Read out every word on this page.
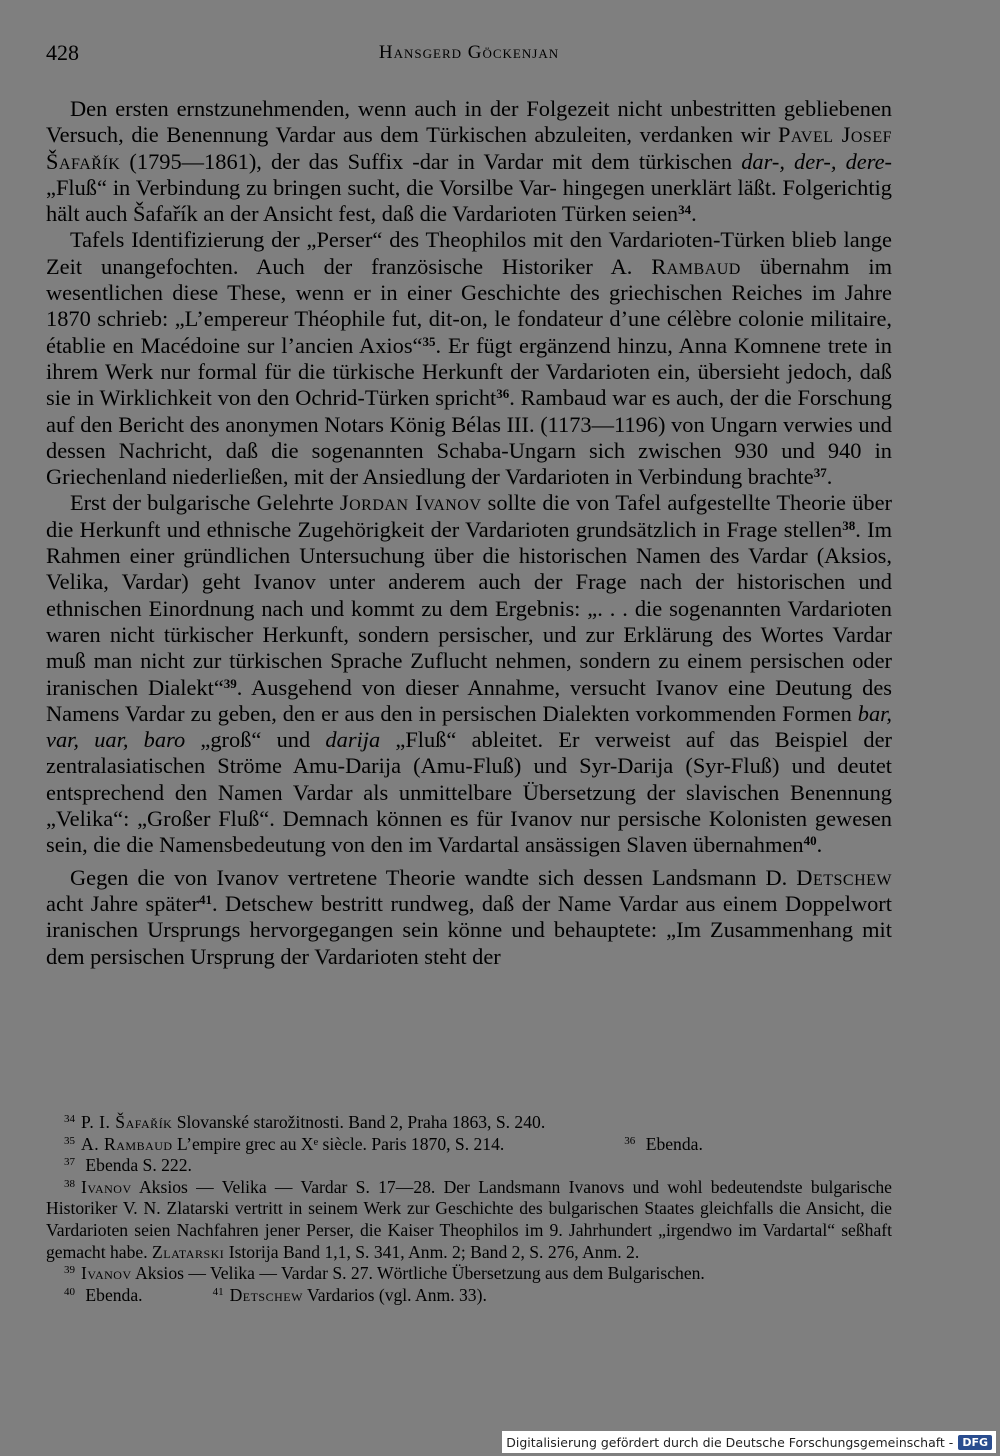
428	Hansgerd Göckenjan

Den ersten ernstzunehmenden, wenn auch in der Folgezeit nicht unbestritten gebliebenen Versuch, die Benennung Vardar aus dem Türkischen abzuleiten, verdanken wir Pavel Josef Šafařík (1795—1861), der das Suffix -dar in Vardar mit dem türkischen dar-, der-, dere- „Fluß“ in Verbindung zu bringen sucht, die Vorsilbe Var- hingegen unerklärt läßt. Folgerichtig hält auch Šafařík an der Ansicht fest, daß die Vardarioten Türken seien$^{34}$.

Tafels Identifizierung der „Perser“ des Theophilos mit den Vardarioten-Türken blieb lange Zeit unangefochten. Auch der französische Historiker A. Rambaud übernahm im wesentlichen diese These, wenn er in einer Geschichte des griechischen Reiches im Jahre 1870 schrieb: „L’empereur Théophile fut, dit-on, le fondateur d’une célèbre colonie militaire, établie en Macédoine sur l’ancien Axios“$^{35}$. Er fügt ergänzend hinzu, Anna Komnene trete in ihrem Werk nur formal für die türkische Herkunft der Vardarioten ein, übersieht jedoch, daß sie in Wirklichkeit von den Ochrid-Türken spricht$^{36}$. Rambaud war es auch, der die Forschung auf den Bericht des anonymen Notars König Bélas III. (1173—1196) von Ungarn verwies und dessen Nachricht, daß die sogenannten Schaba-Ungarn sich zwischen 930 und 940 in Griechenland niederließen, mit der Ansiedlung der Vardarioten in Verbindung brachte$^{37}$.

Erst der bulgarische Gelehrte Jordan Ivanov sollte die von Tafel aufgestellte Theorie über die Herkunft und ethnische Zugehörigkeit der Vardarioten grundsätzlich in Frage stellen$^{38}$. Im Rahmen einer gründlichen Untersuchung über die historischen Namen des Vardar (Aksios, Velika, Vardar) geht Ivanov unter anderem auch der Frage nach der historischen und ethnischen Einordnung nach und kommt zu dem Ergebnis: „. . . die sogenannten Vardarioten waren nicht türkischer Herkunft, sondern persischer, und zur Erklärung des Wortes Vardar muß man nicht zur türkischen Sprache Zuflucht nehmen, sondern zu einem persischen oder iranischen Dialekt“$^{39}$. Ausgehend von dieser Annahme, versucht Ivanov eine Deutung des Namens Vardar zu geben, den er aus den in persischen Dialekten vorkommenden Formen bar, var, uar, baro „groß“ und darija „Fluß“ ableitet. Er verweist auf das Beispiel der zentralasiatischen Ströme Amu-Darija (Amu-Fluß) und Syr-Darija (Syr-Fluß) und deutet entsprechend den Namen Vardar als unmittelbare Übersetzung der slavischen Benennung „Velika“: „Großer Fluß“. Demnach können es für Ivanov nur persische Kolonisten gewesen sein, die die Namensbedeutung von den im Vardartal ansässigen Slaven übernahmen$^{40}$.

Gegen die von Ivanov vertretene Theorie wandte sich dessen Landsmann D. Detschew acht Jahre später$^{41}$. Detschew bestritt rundweg, daß der Name Vardar aus einem Doppelwort iranischen Ursprungs hervorgegangen sein könne und behauptete: „Im Zusammenhang mit dem persischen Ursprung der Vardarioten steht der

$^{34}$ P. I. Šafařík Slovanské starožitnosti. Band 2, Praha 1863, S. 240.
$^{35}$ A. Rambaud L’empire grec au Xᵉ siècle. Paris 1870, S. 214.	$^{36}$ Ebenda.
$^{37}$ Ebenda S. 222.
$^{38}$ Ivanov Aksios — Velika — Vardar S. 17—28. Der Landsmann Ivanovs und wohl bedeutendste bulgarische Historiker V. N. Zlatarski vertritt in seinem Werk zur Geschichte des bulgarischen Staates gleichfalls die Ansicht, die Vardarioten seien Nachfahren jener Perser, die Kaiser Theophilos im 9. Jahrhundert „irgendwo im Vardartal“ seßhaft gemacht habe. Zlatarski Istorija Band 1,1, S. 341, Anm. 2; Band 2, S. 276, Anm. 2.
$^{39}$ Ivanov Aksios — Velika — Vardar S. 27. Wörtliche Übersetzung aus dem Bulgarischen.
$^{40}$ Ebenda.	$^{41}$ Detschew Vardarios (vgl. Anm. 33).
Digitalisierung gefördert durch die Deutsche Forschungsgemeinschaft - DFG
